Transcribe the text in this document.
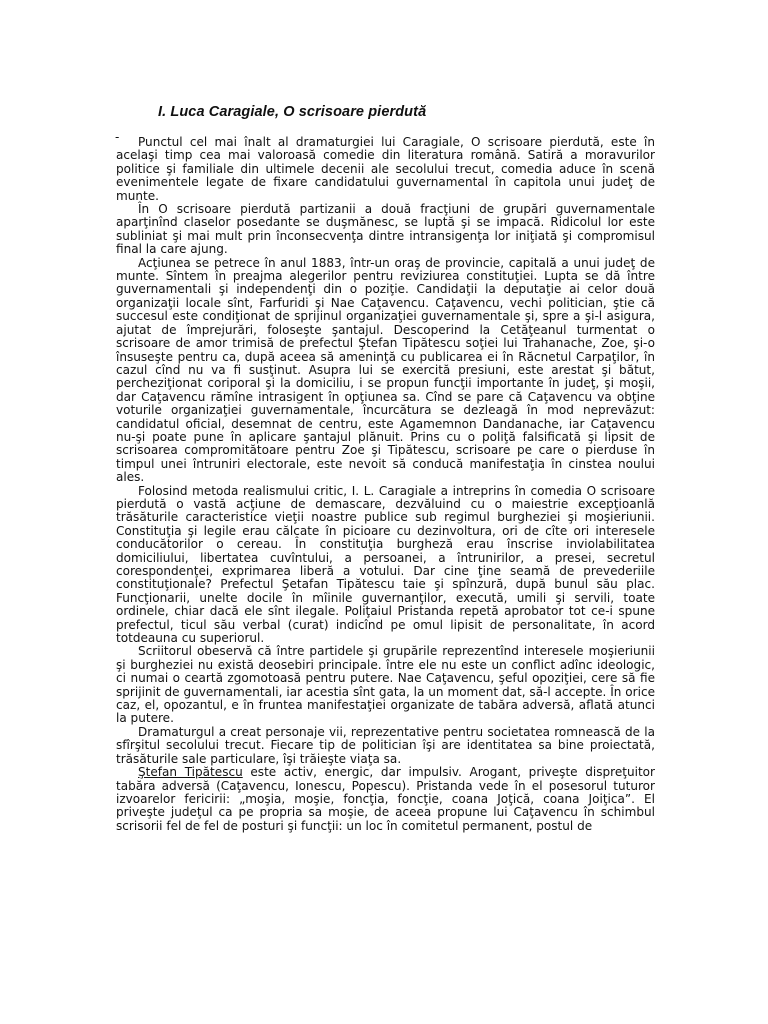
I. Luca Caragiale, O scrisoare pierdută
-	Punctul cel mai înalt al dramaturgiei lui Caragiale, O scrisoare pierdută, este în acelaşi timp cea mai valoroasă comedie din literatura română. Satiră a moravurilor politice şi familiale din ultimele decenii ale secolului trecut, comedia aduce în scenă evenimentele legate de fixare candidatului guvernamental în capitola unui judeţ de munte.

În O scrisoare pierdută partizanii a două fracţiuni de grupări guvernamentale aparţinînd claselor posedante se duşmănesc, se luptă şi se impacă. Ridicolul lor este subliniat şi mai mult prin înconsecvenţa dintre intransigenţa lor iniţiată şi compromisul final la care ajung.

Acţiunea se petrece în anul 1883, într-un oraş de provincie, capitală a unui judeţ de munte. Sîntem în preajma alegerilor pentru reviziurea constituţiei. Lupta se dă între guvernamentali şi independenţi din o poziţie. Candidaţii la deputaţie ai celor două organizaţii locale sînt, Farfuridi şi Nae Caţavencu. Caţavencu, vechi politician, ştie că succesul este condiţionat de sprijinul organizaţiei guvernamentale şi, spre a şi-l asigura, ajutat de împrejurări, foloseşte şantajul. Descoperind la Cetăţeanul turmentat o scrisoare de amor trimisă de prefectul Ştefan Tipătescu soţiei lui Trahanache, Zoe, şi-o însuseşte pentru ca, după aceea să ameninţă cu publicarea ei în Răcnetul Carpaţilor, în cazul cînd nu va fi susţinut. Asupra lui se exercită presiuni, este arestat şi bătut, percheziţionat coriporal şi la domiciliu, i se propun funcţii importante în judeţ, şi moşii, dar Caţavencu rămîne intrasigent în opţiunea sa. Cînd se pare că Caţavencu va obţine voturile organizaţiei guvernamentale, încurcătura se dezleagă în mod neprevăzut: candidatul oficial, desemnat de centru, este Agamemnon Dandanache, iar Caţavencu nu-şi poate pune în aplicare şantajul plănuit. Prins cu o poliţă falsificată şi lipsit de scrisoarea compromitătoare pentru Zoe şi Tipătescu, scrisoare pe care o pierduse în timpul unei întruniri electorale, este nevoit să conducă manifestaţia în cinstea noului ales.

Folosind metoda realismului critic, I. L. Caragiale a intreprins în comedia O scrisoare pierdută o vastă acţiune de demascare, dezvăluind cu o maiestrie excepţioanlă trăsăturile caracteristice vieţii noastre publice sub regimul burgheziei şi moşieriunii. Constituţia şi legile erau călcate în picioare cu dezinvoltura, ori de cîte ori interesele conducătorilor o cereau. În constituţia burgheză erau înscrise inviolabilitatea domiciliului, libertatea cuvîntului, a persoanei, a întrunirilor, a presei, secretul corespondenţei, exprimarea liberă a votului. Dar cine ţine seamă de prevederiile constituţionale? Prefectul Şetafan Tipătescu taie şi spînzură, după bunul său plac. Funcţionarii, unelte docile în mîinile guvernanţilor, execută, umili şi servili, toate ordinele, chiar dacă ele sînt ilegale. Poliţaiul Pristanda repetă aprobator tot ce-i spune prefectul, ticul său verbal (curat) indicînd pe omul lipisit de personalitate, în acord totdeauna cu superiorul.

Scriitorul obeservă că între partidele şi grupările reprezentînd interesele moşieriunii şi burgheziei nu există deosebiri principale. între ele nu este un conflict adînc ideologic, ci numai o ceartă zgomotoasă pentru putere. Nae Caţavencu, şeful opoziţiei, cere să fie sprijinit de guvernamentali, iar acestia sînt gata, la un moment dat, să-l accepte. În orice caz, el, opozantul, e în fruntea manifestaţiei organizate de tabăra adversă, aflată atunci la putere.

Dramaturgul a creat personaje vii, reprezentative pentru societatea romnească de la sfîrşitul secolului trecut. Fiecare tip de politician îşi are identitatea sa bine proiectată, trăsăturile sale particulare, îşi trăieşte viaţa sa.

Ştefan Tipătescu este activ, energic, dar impulsiv. Arogant, priveşte dispreţuitor tabăra adversă (Caţavencu, Ionescu, Popescu). Pristanda vede în el posesorul tuturor izvoarelor fericirii: „moşia, moşie, foncţia, foncţie, coana Joţică, coana Joiţica”. El priveşte judeţul ca pe propria sa moşie, de aceea propune lui Caţavencu în schimbul scrisorii fel de fel de posturi şi funcţii: un loc în comitetul permanent, postul de
